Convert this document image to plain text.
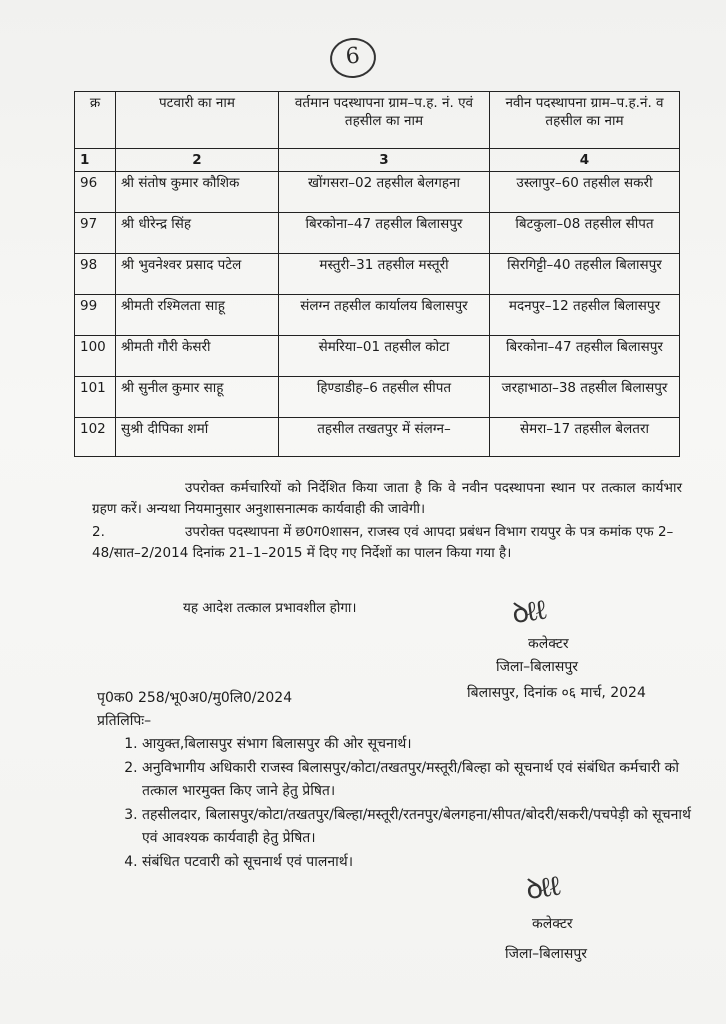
6
क्र	पटवारी का नाम	वर्तमान पदस्थापना ग्राम–प.ह. नं. एवं तहसील का नाम	नवीन पदस्थापना ग्राम–प.ह.नं. व तहसील का नाम
1	2	3	4
96	श्री संतोष कुमार कौशिक	खोंगसरा–02 तहसील बेलगहना	उस्लापुर–60 तहसील सकरी
97	श्री धीरेन्द्र सिंह	बिरकोना–47 तहसील बिलासपुर	बिटकुला–08 तहसील सीपत
98	श्री भुवनेश्वर प्रसाद पटेल	मस्तुरी–31 तहसील मस्तूरी	सिरगिट्टी–40 तहसील बिलासपुर
99	श्रीमती रश्मिलता साहू	संलग्न तहसील कार्यालय बिलासपुर	मदनपुर–12 तहसील बिलासपुर
100	श्रीमती गौरी केसरी	सेमरिया–01 तहसील कोटा	बिरकोना–47 तहसील बिलासपुर
101	श्री सुनील कुमार साहू	हिण्डाडीह–6 तहसील सीपत	जरहाभाठा–38 तहसील बिलासपुर
102	सुश्री दीपिका शर्मा	तहसील तखतपुर में संलग्न–	सेमरा–17 तहसील बेलतरा
उपरोक्त कर्मचारियों को निर्देशित किया जाता है कि वे नवीन पदस्थापना स्थान पर तत्काल कार्यभार ग्रहण करें। अन्यथा नियमानुसार अनुशासनात्मक कार्यवाही की जावेगी।
2.	उपरोक्त पदस्थापना में छ0ग0शासन, राजस्व एवं आपदा प्रबंधन विभाग रायपुर के पत्र कमांक एफ 2–48/सात–2/2014 दिनांक 21–1–2015 में दिए गए निर्देशों का पालन किया गया है।
यह आदेश तत्काल प्रभावशील होगा।	ꝺℓℓ
कलेक्टर
जिला–बिलासपुर
बिलासपुर, दिनांक ०६ मार्च, 2024
पृ0क0 258/भू0अ0/मु0लि0/2024
प्रतिलिपिः–
1. आयुक्त,बिलासपुर संभाग बिलासपुर की ओर सूचनार्थ।
2. अनुविभागीय अधिकारी राजस्व बिलासपुर/कोटा/तखतपुर/मस्तूरी/बिल्हा को सूचनार्थ एवं संबंधित कर्मचारी को तत्काल भारमुक्त किए जाने हेतु प्रेषित।
3. तहसीलदार, बिलासपुर/कोटा/तखतपुर/बिल्हा/मस्तूरी/रतनपुर/बेलगहना/सीपत/बोदरी/सकरी/पचपेड़ी को सूचनार्थ एवं आवश्यक कार्यवाही हेतु प्रेषित।
4. संबंधित पटवारी को सूचनार्थ एवं पालनार्थ।
ꝺℓℓ
कलेक्टर
जिला–बिलासपुर
